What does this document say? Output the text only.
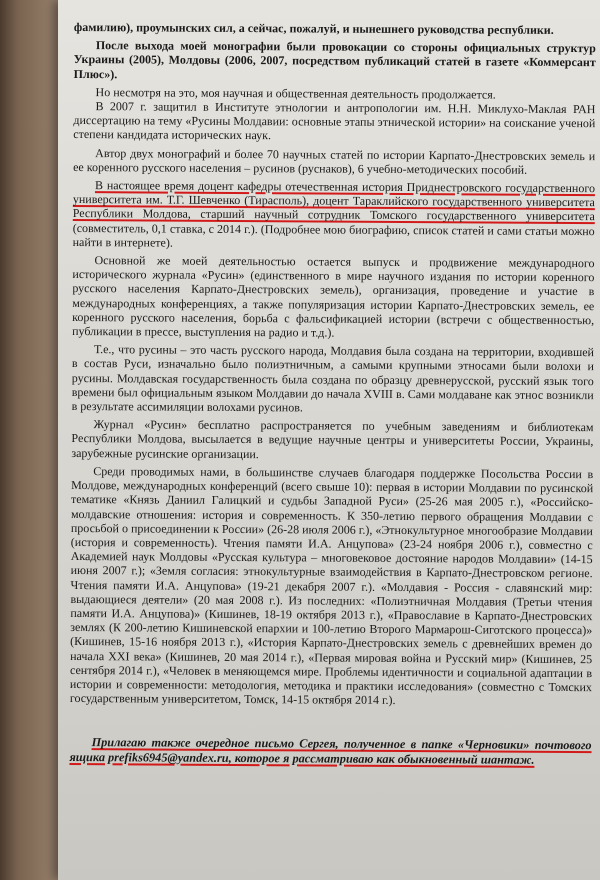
фамилию), проумынских сил, а сейчас, пожалуй, и нынешнего руководства республики.

После выхода моей монографии были провокации со стороны официальных структур Украины (2005), Молдовы (2006, 2007, посредством публикаций статей в газете «Коммерсант Плюс»).

Но несмотря на это, моя научная и общественная деятельность продолжается.

В 2007 г. защитил в Институте этнологии и антропологии им. Н.Н. Миклухо-Маклая РАН диссертацию на тему «Русины Молдавии: основные этапы этнической истории» на соискание ученой степени кандидата исторических наук.

Автор двух монографий и более 70 научных статей по истории Карпато-Днестровских земель и ее коренного русского населения – русинов (руснаков), 6 учебно-методических пособий.

В настоящее время доцент кафедры отечественная история Приднестровского государственного университета им. Т.Г. Шевченко (Тирасполь), доцент Тараклийского государственного университета Республики Молдова, старший научный сотрудник Томского государственного университета (совместитель, 0,1 ставка, с 2014 г.). (Подробнее мою биографию, список статей и сами статьи можно найти в интернете).

Основной же моей деятельностью остается выпуск и продвижение международного исторического журнала «Русин» (единственного в мире научного издания по истории коренного русского населения Карпато-Днестровских земель), организация, проведение и участие в международных конференциях, а также популяризация истории Карпато-Днестровских земель, ее коренного русского населения, борьба с фальсификацией истории (встречи с общественностью, публикации в прессе, выступления на радио и т.д.).

Т.е., что русины – это часть русского народа, Молдавия была создана на территории, входившей в состав Руси, изначально было полиэтничным, а самыми крупными этносами были волохи и русины. Молдавская государственность была создана по образцу древнерусской, русский язык того времени был официальным языком Молдавии до начала XVIII в. Сами молдаване как этнос возникли в результате ассимиляции волохами русинов.

Журнал «Русин» бесплатно распространяется по учебным заведениям и библиотекам Республики Молдова, высылается в ведущие научные центры и университеты России, Украины, зарубежные русинские организации.

Среди проводимых нами, в большинстве случаев благодаря поддержке Посольства России в Молдове, международных конференций (всего свыше 10): первая в истории Молдавии по русинской тематике «Князь Даниил Галицкий и судьбы Западной Руси» (25-26 мая 2005 г.), «Российско-молдавские отношения: история и современность. К 350-летию первого обращения Молдавии с просьбой о присоединении к России» (26-28 июля 2006 г.), «Этнокультурное многообразие Молдавии (история и современность). Чтения памяти И.А. Анцупова» (23-24 ноября 2006 г.), совместно с Академией наук Молдовы «Русская культура – многовековое достояние народов Молдавии» (14-15 июня 2007 г.); «Земля согласия: этнокультурные взаимодействия в Карпато-Днестровском регионе. Чтения памяти И.А. Анцупова» (19-21 декабря 2007 г.). «Молдавия - Россия - славянский мир: выдающиеся деятели» (20 мая 2008 г.). Из последних: «Полиэтничная Молдавия (Третьи чтения памяти И.А. Анцупова)» (Кишинев, 18-19 октября 2013 г.), «Православие в Карпато-Днестровских землях (К 200-летию Кишиневской епархии и 100-летию Второго Мармарош-Сиготского процесса)» (Кишинев, 15-16 ноября 2013 г.), «История Карпато-Днестровских земель с древнейших времен до начала XXI века» (Кишинев, 20 мая 2014 г.), «Первая мировая война и Русский мир» (Кишинев, 25 сентября 2014 г.), «Человек в меняющемся мире. Проблемы идентичности и социальной адаптации в истории и современности: методология, методика и практики исследования» (совместно с Томских государственным университетом, Томск, 14-15 октября 2014 г.).

Прилагаю также очередное письмо Сергея, полученное в папке «Черновики» почтового ящика prefiks6945@yandex.ru, которое я рассматриваю как обыкновенный шантаж.
